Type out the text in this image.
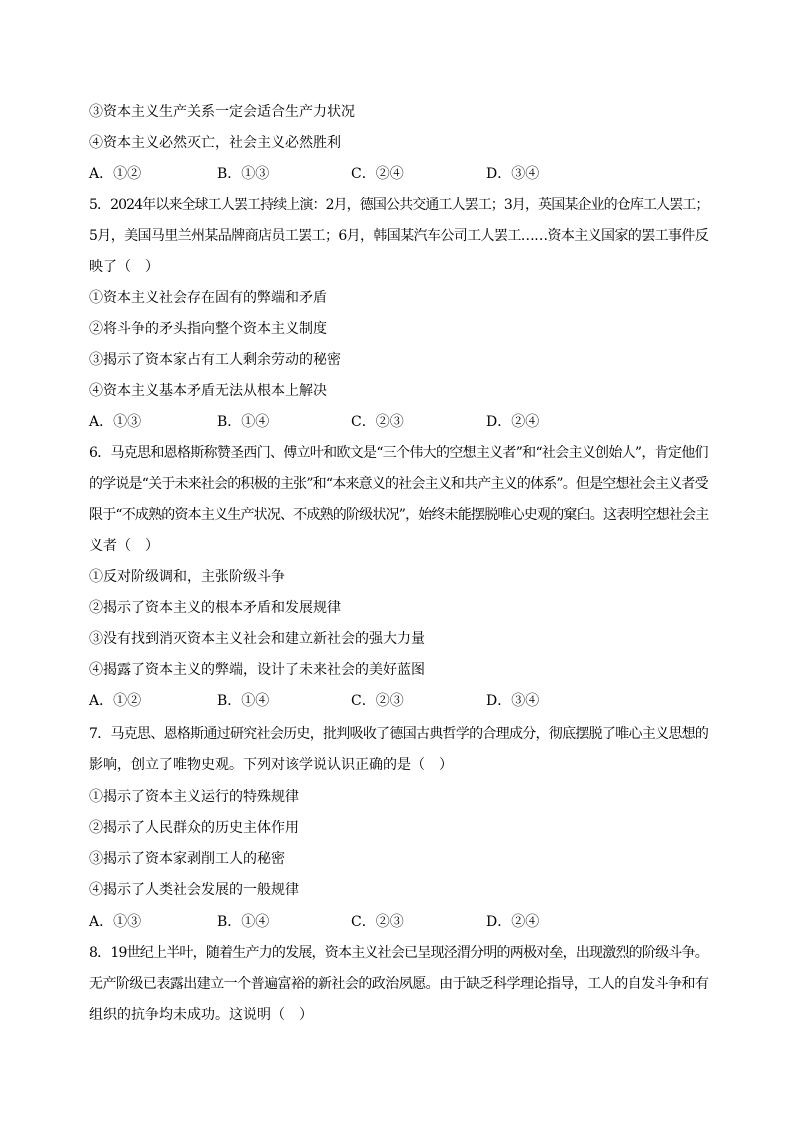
③资本主义生产关系一定会适合生产力状况
④资本主义必然灭亡，社会主义必然胜利
A．①②	B．①③	C．②④	D．③④
5．2024年以来全球工人罢工持续上演：2月，德国公共交通工人罢工；3月，英国某企业的仓库工人罢工；
5月，美国马里兰州某品牌商店员工罢工；6月，韩国某汽车公司工人罢工……资本主义国家的罢工事件反
映了（　）
①资本主义社会存在固有的弊端和矛盾
②将斗争的矛头指向整个资本主义制度
③揭示了资本家占有工人剩余劳动的秘密
④资本主义基本矛盾无法从根本上解决
A．①③	B．①④	C．②③	D．②④
6．马克思和恩格斯称赞圣西门、傅立叶和欧文是“三个伟大的空想主义者”和“社会主义创始人”，肯定他们
的学说是“关于未来社会的积极的主张”和“本来意义的社会主义和共产主义的体系”。但是空想社会主义者受
限于“不成熟的资本主义生产状况、不成熟的阶级状况”，始终未能摆脱唯心史观的窠臼。这表明空想社会主
义者（　）
①反对阶级调和，主张阶级斗争
②揭示了资本主义的根本矛盾和发展规律
③没有找到消灭资本主义社会和建立新社会的强大力量
④揭露了资本主义的弊端，设计了未来社会的美好蓝图
A．①②	B．①④	C．②③	D．③④
7．马克思、恩格斯通过研究社会历史，批判吸收了德国古典哲学的合理成分，彻底摆脱了唯心主义思想的
影响，创立了唯物史观。下列对该学说认识正确的是（　）
①揭示了资本主义运行的特殊规律
②揭示了人民群众的历史主体作用
③揭示了资本家剥削工人的秘密
④揭示了人类社会发展的一般规律
A．①③	B．①④	C．②③	D．②④
8．19世纪上半叶，随着生产力的发展，资本主义社会已呈现泾渭分明的两极对垒，出现激烈的阶级斗争。
无产阶级已表露出建立一个普遍富裕的新社会的政治夙愿。由于缺乏科学理论指导，工人的自发斗争和有
组织的抗争均未成功。这说明（　）
